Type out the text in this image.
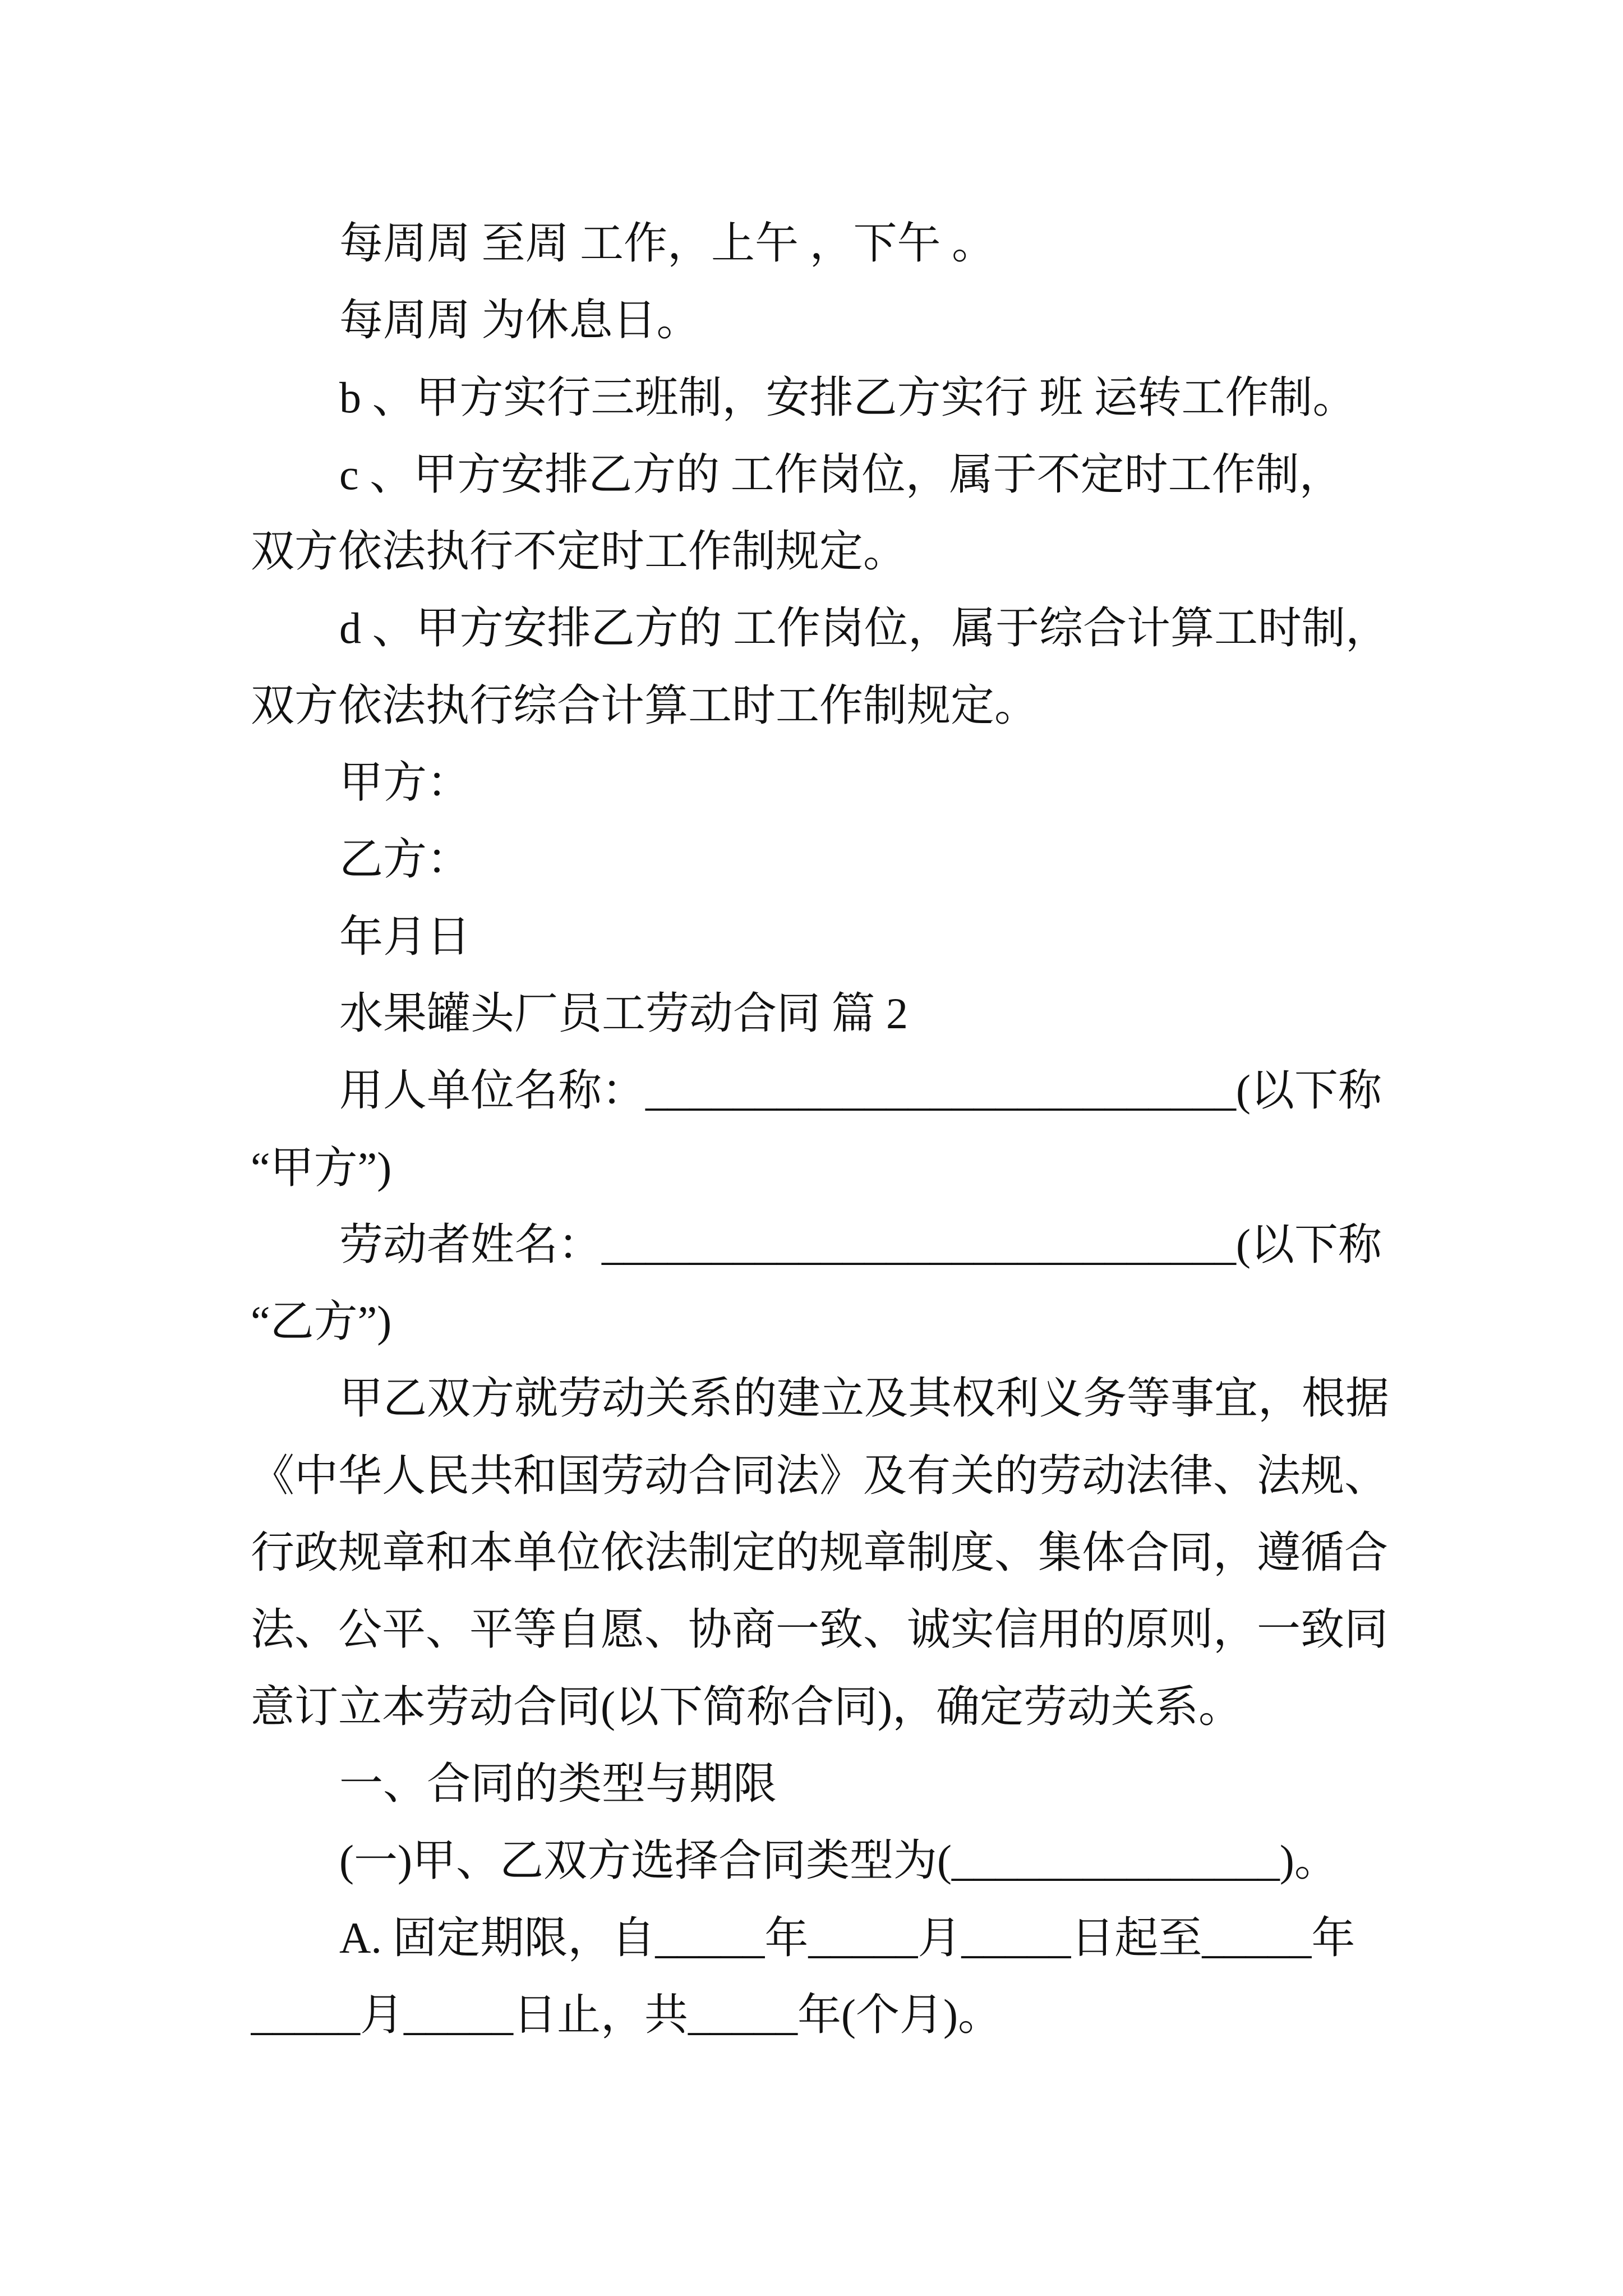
每周周 至周 工作，上午 ，下午 。
每周周 为休息日。
b 、甲方实行三班制，安排乙方实行 班 运转工作制。
c 、甲方安排乙方的 工作岗位，属于不定时工作制，
双方依法执行不定时工作制规定。
d 、甲方安排乙方的 工作岗位，属于综合计算工时制，
双方依法执行综合计算工时工作制规定。
甲方：
乙方：
年月日
水果罐头厂员工劳动合同 篇 2
用人单位名称：___________________________(以下称
“甲方”)
劳动者姓名：_____________________________(以下称
“乙方”)
甲乙双方就劳动关系的建立及其权利义务等事宜，根据
《中华人民共和国劳动合同法》及有关的劳动法律、法规、
行政规章和本单位依法制定的规章制度、集体合同，遵循合
法、公平、平等自愿、协商一致、诚实信用的原则，一致同
意订立本劳动合同(以下简称合同)，确定劳动关系。
一、合同的类型与期限
(一)甲、乙双方选择合同类型为(_______________)。
A. 固定期限，自_____年_____月_____日起至_____年
_____月_____日止，共_____年(个月)。
